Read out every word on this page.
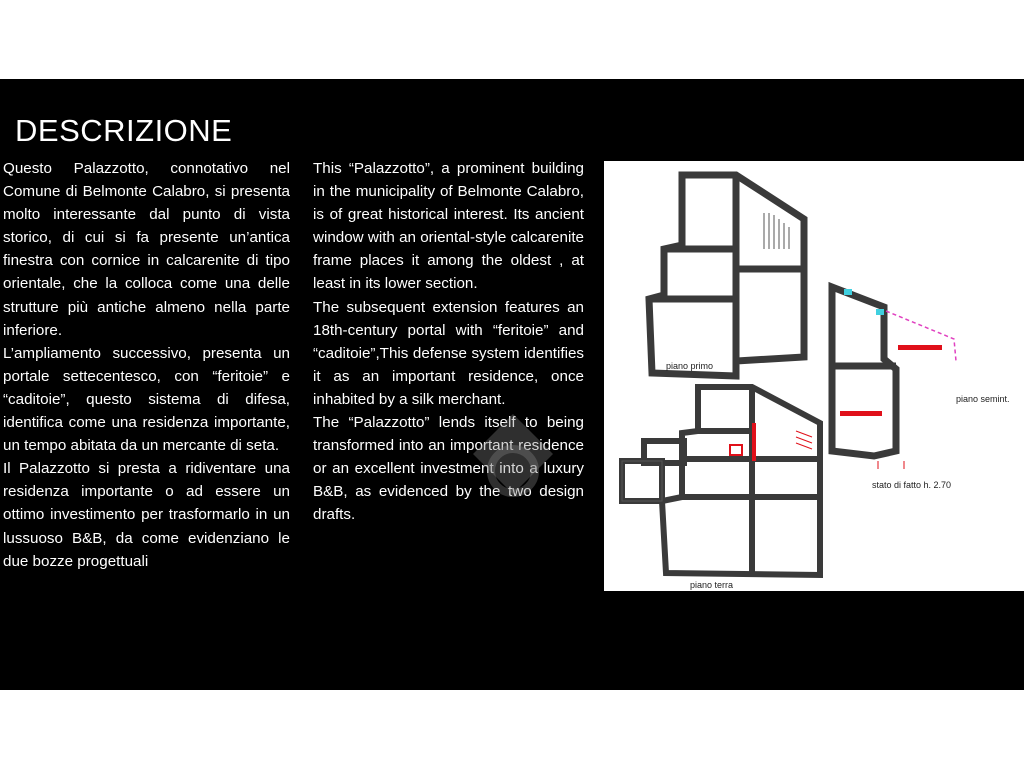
DESCRIZIONE

Questo Palazzotto, connotativo nel Comune di Belmonte Calabro, si presenta molto interessante dal punto di vista storico, di cui si fa presente un’antica finestra con cornice in calcarenite di tipo orientale, che la colloca come una delle strutture più antiche almeno nella parte inferiore.

L’ampliamento successivo, presenta un portale settecentesco, con “feritoie” e “caditoie”, questo sistema di difesa, identifica come una residenza importante, un tempo abitata da un mercante di seta.

Il Palazzotto si presta a ridiventare una residenza importante o ad essere un ottimo investimento per trasformarlo in un lussuoso B&B, da come evidenziano le due bozze progettuali

This “Palazzotto”, a prominent building in the municipality of Belmonte Calabro, is of great historical interest. Its ancient window with an oriental-style calcarenite frame places it among the oldest , at least in its lower section.

The subsequent extension features an 18th-century portal with “feritoie” and “caditoie”,This defense system identifies it as an important residence, once inhabited by a silk merchant.

The “Palazzotto” lends itself to being transformed into an important residence or an excellent investment into a luxury B&B, as evidenced by the two design drafts.

piano primo
piano semint.
stato di fatto h. 2.70
piano terra
